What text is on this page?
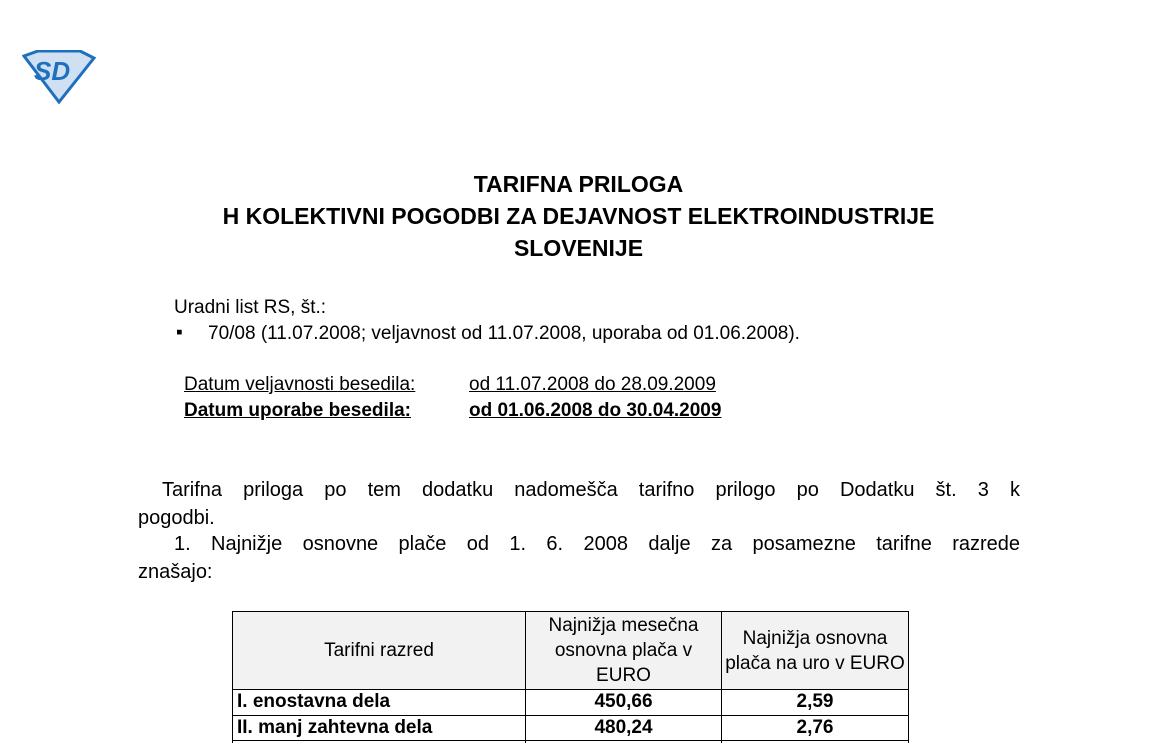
SD
TARIFNA PRILOGA
H KOLEKTIVNI POGODBI ZA DEJAVNOST ELEKTROINDUSTRIJE
SLOVENIJE
Uradni list RS, št.:
▪ 70/08 (11.07.2008; veljavnost od 11.07.2008, uporaba od 01.06.2008).
Datum veljavnosti besedila:	od 11.07.2008 do 28.09.2009
Datum uporabe besedila:	od 01.06.2008 do 30.04.2009
Tarifna priloga po tem dodatku nadomešča tarifno prilogo po Dodatku št. 3 k
pogodbi.
1. Najnižje osnovne plače od 1. 6. 2008 dalje za posamezne tarifne razrede
znašajo:
Tarifni razred	Najnižja mesečna osnovna plača v EURO	Najnižja osnovna plača na uro v EURO
I. enostavna dela	450,66	2,59
II. manj zahtevna dela	480,24	2,76
